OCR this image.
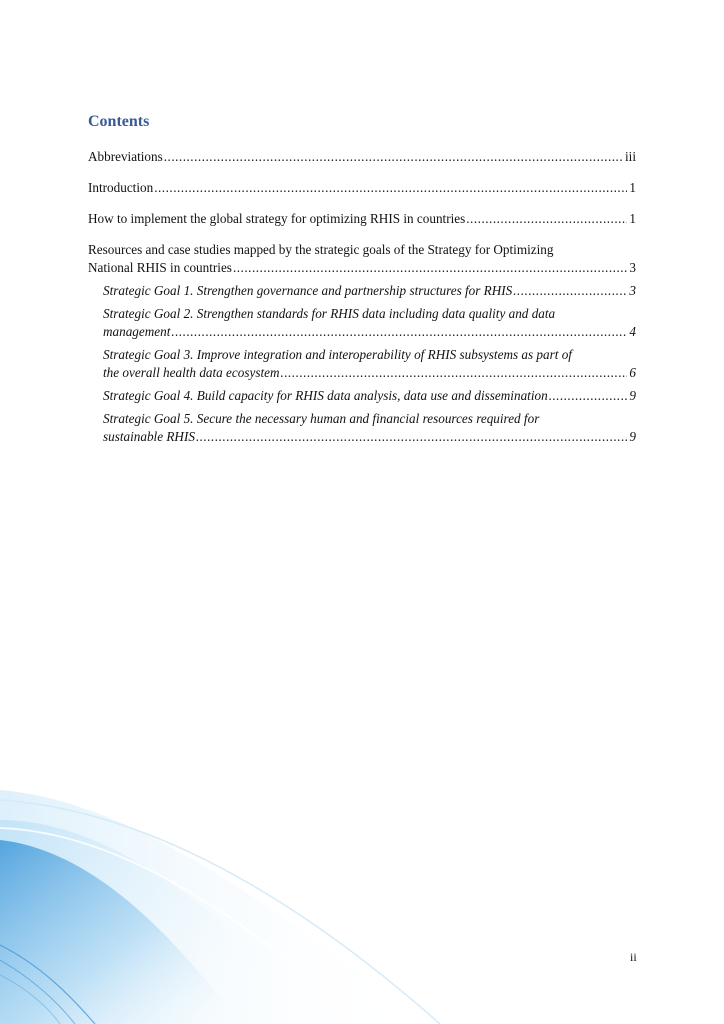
Contents
Abbreviations .....	iii
Introduction .....	1
How to implement the global strategy for optimizing RHIS in countries .....	1
Resources and case studies mapped by the strategic goals of the Strategy for Optimizing
National RHIS in countries .....	3
Strategic Goal 1. Strengthen governance and partnership structures for RHIS .....	3
Strategic Goal 2. Strengthen standards for RHIS data including data quality and data
management .....	4
Strategic Goal 3. Improve integration and interoperability of RHIS subsystems as part of
the overall health data ecosystem .....	6
Strategic Goal 4. Build capacity for RHIS data analysis, data use and dissemination .....	9
Strategic Goal 5. Secure the necessary human and financial resources required for
sustainable RHIS .....	9
ii
